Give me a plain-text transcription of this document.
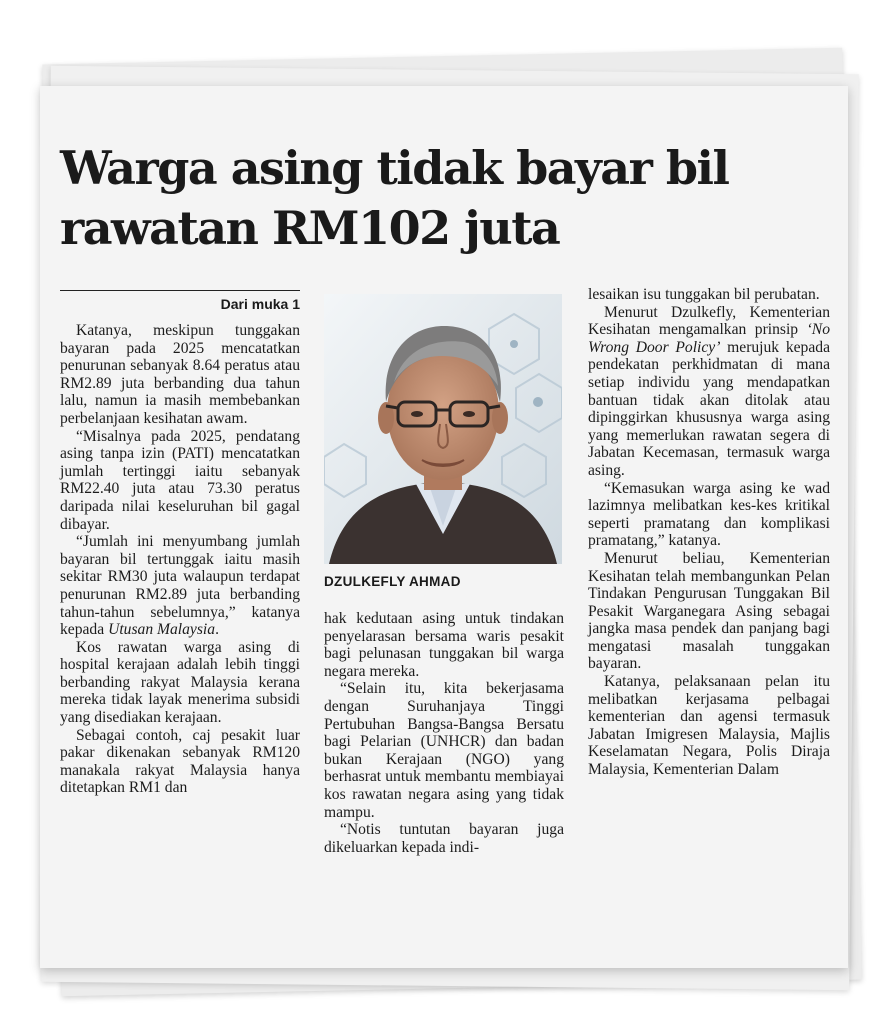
Warga asing tidak bayar bil rawatan RM102 juta
Dari muka 1

Katanya, meskipun tunggakan bayaran pada 2025 mencatatkan penurunan sebanyak 8.64 peratus atau RM2.89 juta berbanding dua tahun lalu, namun ia masih membebankan perbelanjaan kesihatan awam.

“Misalnya pada 2025, pendatang asing tanpa izin (PATI) mencatatkan jumlah tertinggi iaitu sebanyak RM22.40 juta atau 73.30 peratus daripada nilai keseluruhan bil gagal dibayar.

“Jumlah ini menyumbang jumlah bayaran bil tertunggak iaitu masih sekitar RM30 juta walaupun terdapat penurunan RM2.89 juta berbanding tahun-tahun sebelumnya,” katanya kepada Utusan Malaysia.

Kos rawatan warga asing di hospital kerajaan adalah lebih tinggi berbanding rakyat Malaysia kerana mereka tidak layak menerima subsidi yang disediakan kerajaan.

Sebagai contoh, caj pesakit luar pakar dikenakan sebanyak RM120 manakala rakyat Malaysia hanya ditetapkan RM1 dan

DZULKEFLY AHMAD

hak kedutaan asing untuk tindakan penyelarasan bersama waris pesakit bagi pelunasan tunggakan bil warga negara mereka.

“Selain itu, kita bekerjasama dengan Suruhanjaya Tinggi Pertubuhan Bangsa-Bangsa Bersatu bagi Pelarian (UNHCR) dan badan bukan Kerajaan (NGO) yang berhasrat untuk membantu membiayai kos rawatan negara asing yang tidak mampu.

“Notis tuntutan bayaran juga dikeluarkan kepada indi-

lesaikan isu tunggakan bil perubatan.

Menurut Dzulkefly, Kementerian Kesihatan mengamalkan prinsip ‘No Wrong Door Policy’ merujuk kepada pendekatan perkhidmatan di mana setiap individu yang mendapatkan bantuan tidak akan ditolak atau dipinggirkan khususnya warga asing yang memerlukan rawatan segera di Jabatan Kecemasan, termasuk warga asing.

“Kemasukan warga asing ke wad lazimnya melibatkan kes-kes kritikal seperti pramatang dan komplikasi pramatang,” katanya.

Menurut beliau, Kementerian Kesihatan telah membangunkan Pelan Tindakan Pengurusan Tunggakan Bil Pesakit Warganegara Asing sebagai jangka masa pendek dan panjang bagi mengatasi masalah tunggakan bayaran.

Katanya, pelaksanaan pelan itu melibatkan kerjasama pelbagai kementerian dan agensi termasuk Jabatan Imigresen Malaysia, Majlis Keselamatan Negara, Polis Diraja Malaysia, Kementerian Dalam
